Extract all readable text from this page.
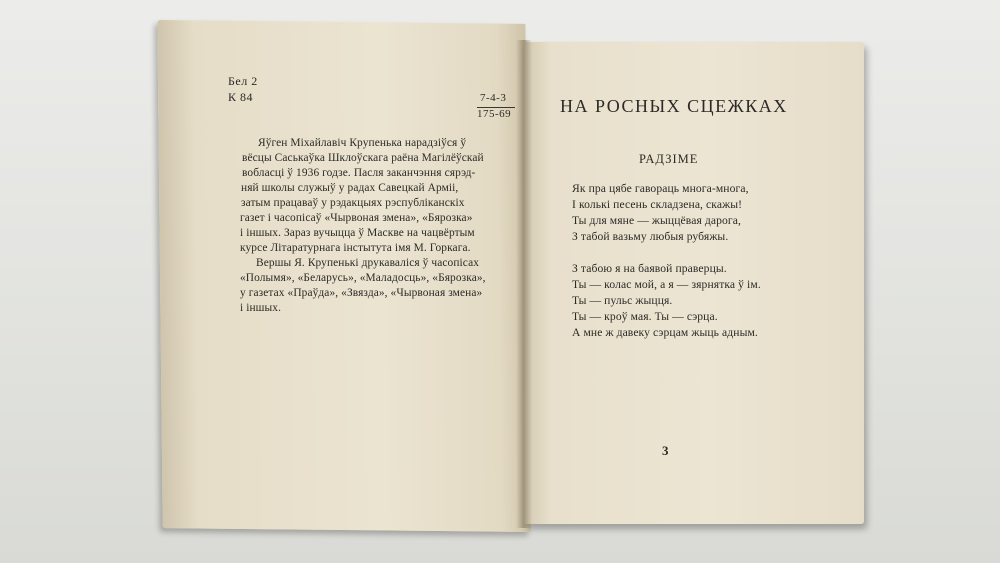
Бел 2
К 84	7-4-3
175-69
Яўген Міхайлавіч Крупенька нарадзіўся ў
вёсцы Саськаўка Шклоўскага раёна Магілёўскай
вобласці ў 1936 годзе. Пасля заканчэння сярэд-
няй школы служыў у радах Савецкай Арміі,
затым працаваў у рэдакцыях рэспубліканскіх
газет і часопісаў «Чырвоная змена», «Бярозка»
і іншых. Зараз вучыцца ў Маскве на чацвёртым
курсе Літаратурнага інстытута імя М. Горкага.
Вершы Я. Крупенькі друкаваліся ў часопісах
«Полымя», «Беларусь», «Маладосць», «Бярозка»,
у газетах «Праўда», «Звязда», «Чырвоная змена»
і іншых.
НА РОСНЫХ СЦЕЖКАХ
РАДЗІМЕ
Як пра цябе гавораць многа-многа,
І колькі песень складзена, скажы!
Ты для мяне — жыццёвая дарога,
З табой вазьму любыя рубяжы.
З табою я на баявой праверцы.
Ты — колас мой, а я — зярнятка ў ім.
Ты — пульс жыцця.
Ты — кроў мая. Ты — сэрца.
А мне ж давеку сэрцам жыць адным.
3
